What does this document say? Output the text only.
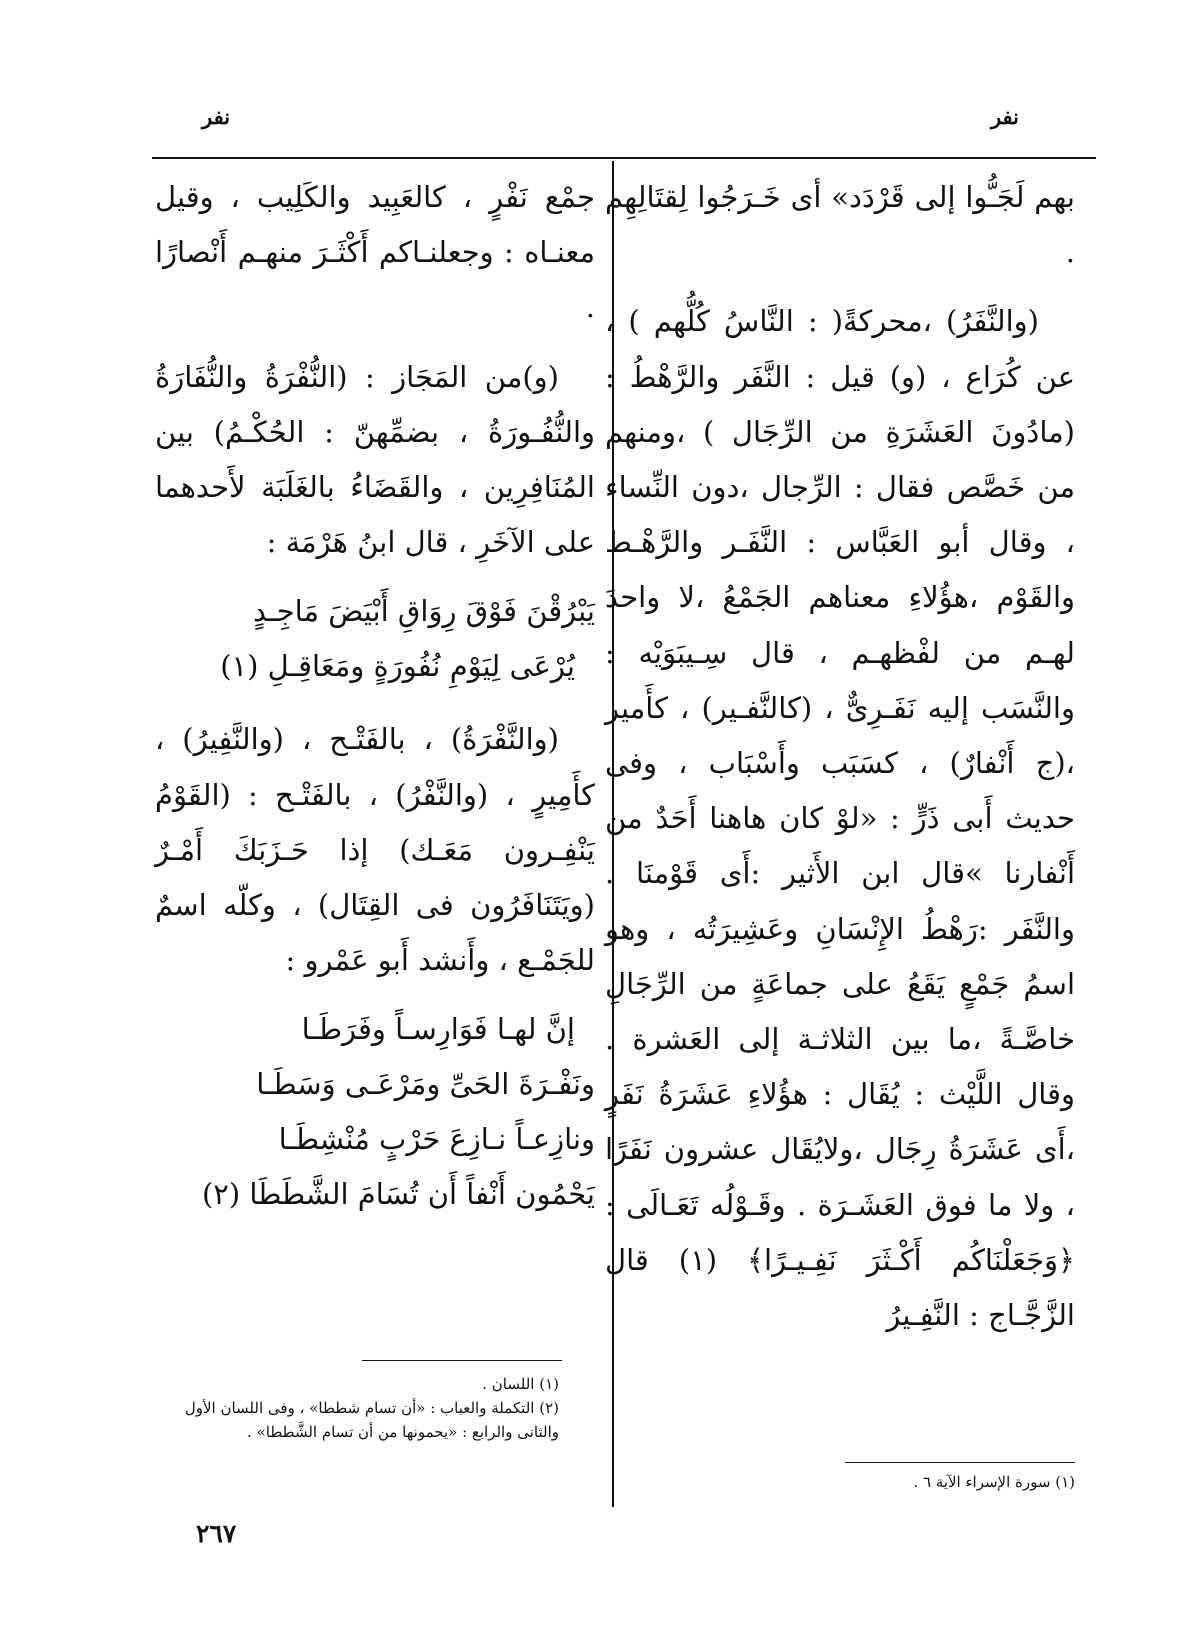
نفر
نفر

بهم لَجَـُّوا إلى قَرْدَد» أى خَـرَجُوا لِقتَالِهِم .

(والنَّفَرُ) ،محركةً( : النَّاسُ كُلُّهم ) ، عن كُرَاع ، (و) قيل : النَّفَر والرَّهْطُ : (مادُونَ العَشَرَةِ من الرِّجَال ) ،ومنهم من خَصَّص فقال : الرِّجال ،دون النِّساء ، وقال أبو العَبَّاس : النَّفَـر والرَّهْـط والقَوْم ،هؤُلاءِ معناهم الجَمْعُ ،لا واحدَ لهـم من لفْظهـم ، قال سِـيبَوَيْه : والنَّسَب إليه نَفَـرِىٌّ ، (كالنَّفـير) ، كأَمير ،(ج أَنْفارٌ) ، كسَبَب وأَسْبَاب ، وفى حديث أَبى ذَرٍّ : «لوْ كان هاهنا أَحَدٌ من أَنْفارنا »قال ابن الأَثير :أَى قَوْمنَا . والنَّفَر :رَهْطُ الإِنْسَانِ وعَشِيرَتُه ، وهو اسمُ جَمْعٍ يَقَعُ على جماعَةٍ من الرِّجَالِ خاصَّـةً ،ما بين الثلاثـة إلى العَشرة . وقال اللَّيْث : يُقَال : هؤُلاءِ عَشَرَةُ نَفَرٍ ،أَى عَشَرَةُ رِجَال ،ولايُقَال عشرون نَفَرًا ، ولا ما فوق العَشَـرَة . وقَـوْلُه تَعَـالَى : ﴿وَجَعَلْنَاكُم أَكْـثَرَ نَفِـيـرًا﴾ (١) قال الزَّجَّـاج : النَّفِـيرُ

جمْع نَفْرٍ ، كالعَبِيد والكَلِيب ، وقيل معنـاه : وجعلنـاكم أَكْثَـرَ منهـم أَنْصارًا .

(و)من المَجَاز : (النُّفْرَةُ والنُّفَارَةُ والنُّفُـورَةُ ، بضمِّهنّ : الحُكْـمُ) بين المُنَافِرِين ، والقَضَاءُ بالغَلَبَة لأَحدهما على الآخَرِ ، قال ابنُ هَرْمَة :

يَبْرُقْنَ فَوْقَ رِوَاقِ أَبْيَضَ مَاجِـدٍ
يُرْعَى لِيَوْمِ نُفُورَةٍ ومَعَاقِـلِ (١)

(والنَّفْرَةُ) ، بالفَتْـح ، (والنَّفِيرُ) ، كأَمِيرٍ ، (والنَّفْرُ) ، بالفَتْـح : (القَوْمُ يَنْفِـرون مَعَـك) إذا حَـزَبَكَ أَمْـرٌ (ويَتَنَافَرُون فى القِتَال) ، وكلّه اسمٌ للجَمْـع ، وأَنشد أَبو عَمْرو :

إنَّ لهـا فَوَارِسـاً وفَرَطَـا
ونَفْـرَةَ الحَىِّ ومَرْعَـى وَسَطَـا
ونازِعـاً نـازِعَ حَرْبٍ مُنْشِطَـا
يَحْمُون أَنْفاً أَن تُسَامَ الشَّطَطَا (٢)
(١) اللسان .
(٢) التكملة والعباب : «أن تسام شططا» ، وفى اللسان الأول والثانى والرابع : «يحمونها من أن تسام الشَّططا» .
(١) سورة الإسراء الآية ٦ .
٢٦٧
